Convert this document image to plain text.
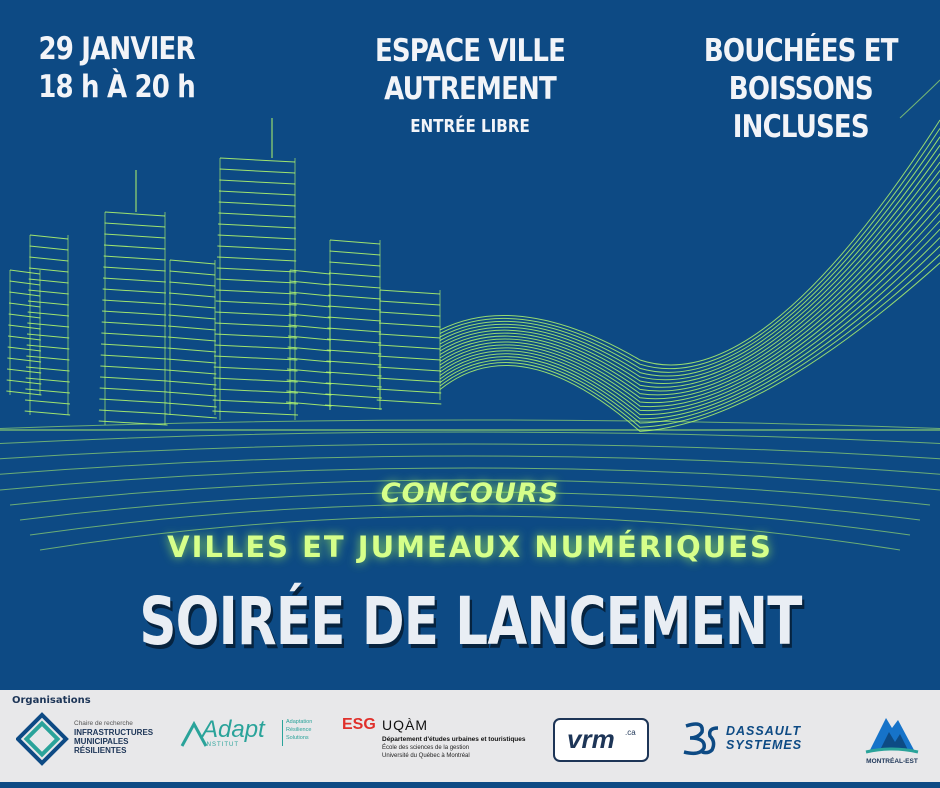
29 JANVIER
18 h À 20 h
ESPACE VILLE
AUTREMENT
ENTRÉE LIBRE
BOUCHÉES ET
BOISSONS
INCLUSES
CONCOURS
VILLES ET JUMEAUX NUMÉRIQUES
SOIRÉE DE LANCEMENT
Organisations
Chaire de recherche
INFRASTRUCTURES
MUNICIPALES
RÉSILIENTES
Adapt
INSTITUT
Adaptation
Résilience
Solutions
ESG UQÀM
Département d'études urbaines et touristiques
École des sciences de la gestion
Université du Québec à Montréal
vrm .ca	DASSAULT
SYSTEMES
MONTRÉAL-EST
